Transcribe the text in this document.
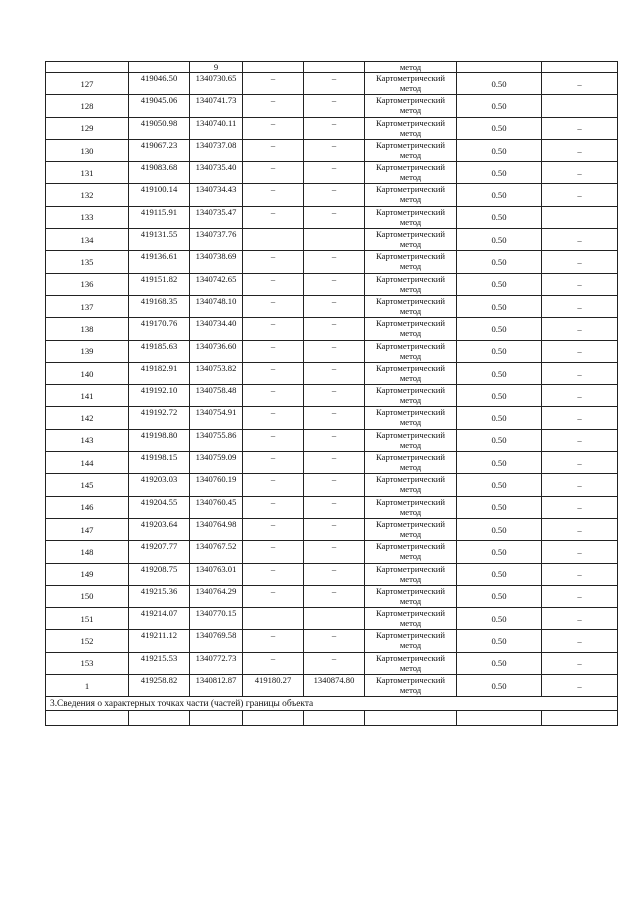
		9			метод		
127	419046.50	1340730.65	–	–	Картометрический метод	0.50	–
128	419045.06	1340741.73	–	–	Картометрический метод	0.50	
129	419050.98	1340740.11	–	–	Картометрический метод	0.50	–
130	419067.23	1340737.08	–	–	Картометрический метод	0.50	–
131	419083.68	1340735.40	–	–	Картометрический метод	0.50	–
132	419100.14	1340734.43	–	–	Картометрический метод	0.50	–
133	419115.91	1340735.47	–	–	Картометрический метод	0.50	
134	419131.55	1340737.76			Картометрический метод	0.50	–
135	419136.61	1340738.69	–	–	Картометрический метод	0.50	–
136	419151.82	1340742.65	–	–	Картометрический метод	0.50	–
137	419168.35	1340748.10	–	–	Картометрический метод	0.50	–
138	419170.76	1340734.40	–	–	Картометрический метод	0.50	–
139	419185.63	1340736.60	–	–	Картометрический метод	0.50	–
140	419182.91	1340753.82	–	–	Картометрический метод	0.50	–
141	419192.10	1340758.48	–	–	Картометрический метод	0.50	–
142	419192.72	1340754.91	–	–	Картометрический метод	0.50	–
143	419198.80	1340755.86	–	–	Картометрический метод	0.50	–
144	419198.15	1340759.09	–	–	Картометрический метод	0.50	–
145	419203.03	1340760.19	–	–	Картометрический метод	0.50	–
146	419204.55	1340760.45	–	–	Картометрический метод	0.50	–
147	419203.64	1340764.98	–	–	Картометрический метод	0.50	–
148	419207.77	1340767.52	–	–	Картометрический метод	0.50	–
149	419208.75	1340763.01	–	–	Картометрический метод	0.50	–
150	419215.36	1340764.29	–	–	Картометрический метод	0.50	–
151	419214.07	1340770.15			Картометрический метод	0.50	–
152	419211.12	1340769.58	–	–	Картометрический метод	0.50	–
153	419215.53	1340772.73	–	–	Картометрический метод	0.50	–
1	419258.82	1340812.87	419180.27	1340874.80	Картометрический метод	0.50	–
3.Сведения о характерных точках части (частей) границы объекта							
